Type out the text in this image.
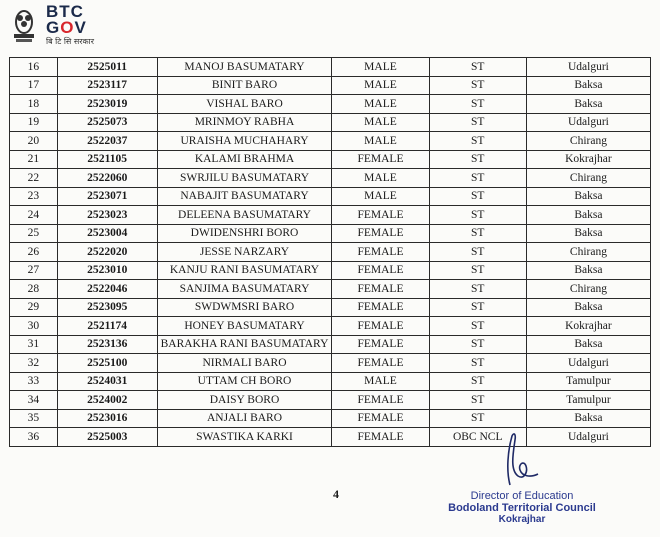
BTC
GOV
बि टि सि सरकार
16	2525011	MANOJ BASUMATARY	MALE	ST	Udalguri
17	2523117	BINIT BARO	MALE	ST	Baksa
18	2523019	VISHAL BARO	MALE	ST	Baksa
19	2525073	MRINMOY RABHA	MALE	ST	Udalguri
20	2522037	URAISHA MUCHAHARY	MALE	ST	Chirang
21	2521105	KALAMI BRAHMA	FEMALE	ST	Kokrajhar
22	2522060	SWRJILU BASUMATARY	MALE	ST	Chirang
23	2523071	NABAJIT BASUMATARY	MALE	ST	Baksa
24	2523023	DELEENA BASUMATARY	FEMALE	ST	Baksa
25	2523004	DWIDENSHRI BORO	FEMALE	ST	Baksa
26	2522020	JESSE NARZARY	FEMALE	ST	Chirang
27	2523010	KANJU RANI BASUMATARY	FEMALE	ST	Baksa
28	2522046	SANJIMA BASUMATARY	FEMALE	ST	Chirang
29	2523095	SWDWMSRI BARO	FEMALE	ST	Baksa
30	2521174	HONEY BASUMATARY	FEMALE	ST	Kokrajhar
31	2523136	BARAKHA RANI BASUMATARY	FEMALE	ST	Baksa
32	2525100	NIRMALI BARO	FEMALE	ST	Udalguri
33	2524031	UTTAM CH BORO	MALE	ST	Tamulpur
34	2524002	DAISY BORO	FEMALE	ST	Tamulpur
35	2523016	ANJALI BARO	FEMALE	ST	Baksa
36	2525003	SWASTIKA KARKI	FEMALE	OBC NCL	Udalguri
4	Director of Education
Bodoland Territorial Council
Kokrajhar
